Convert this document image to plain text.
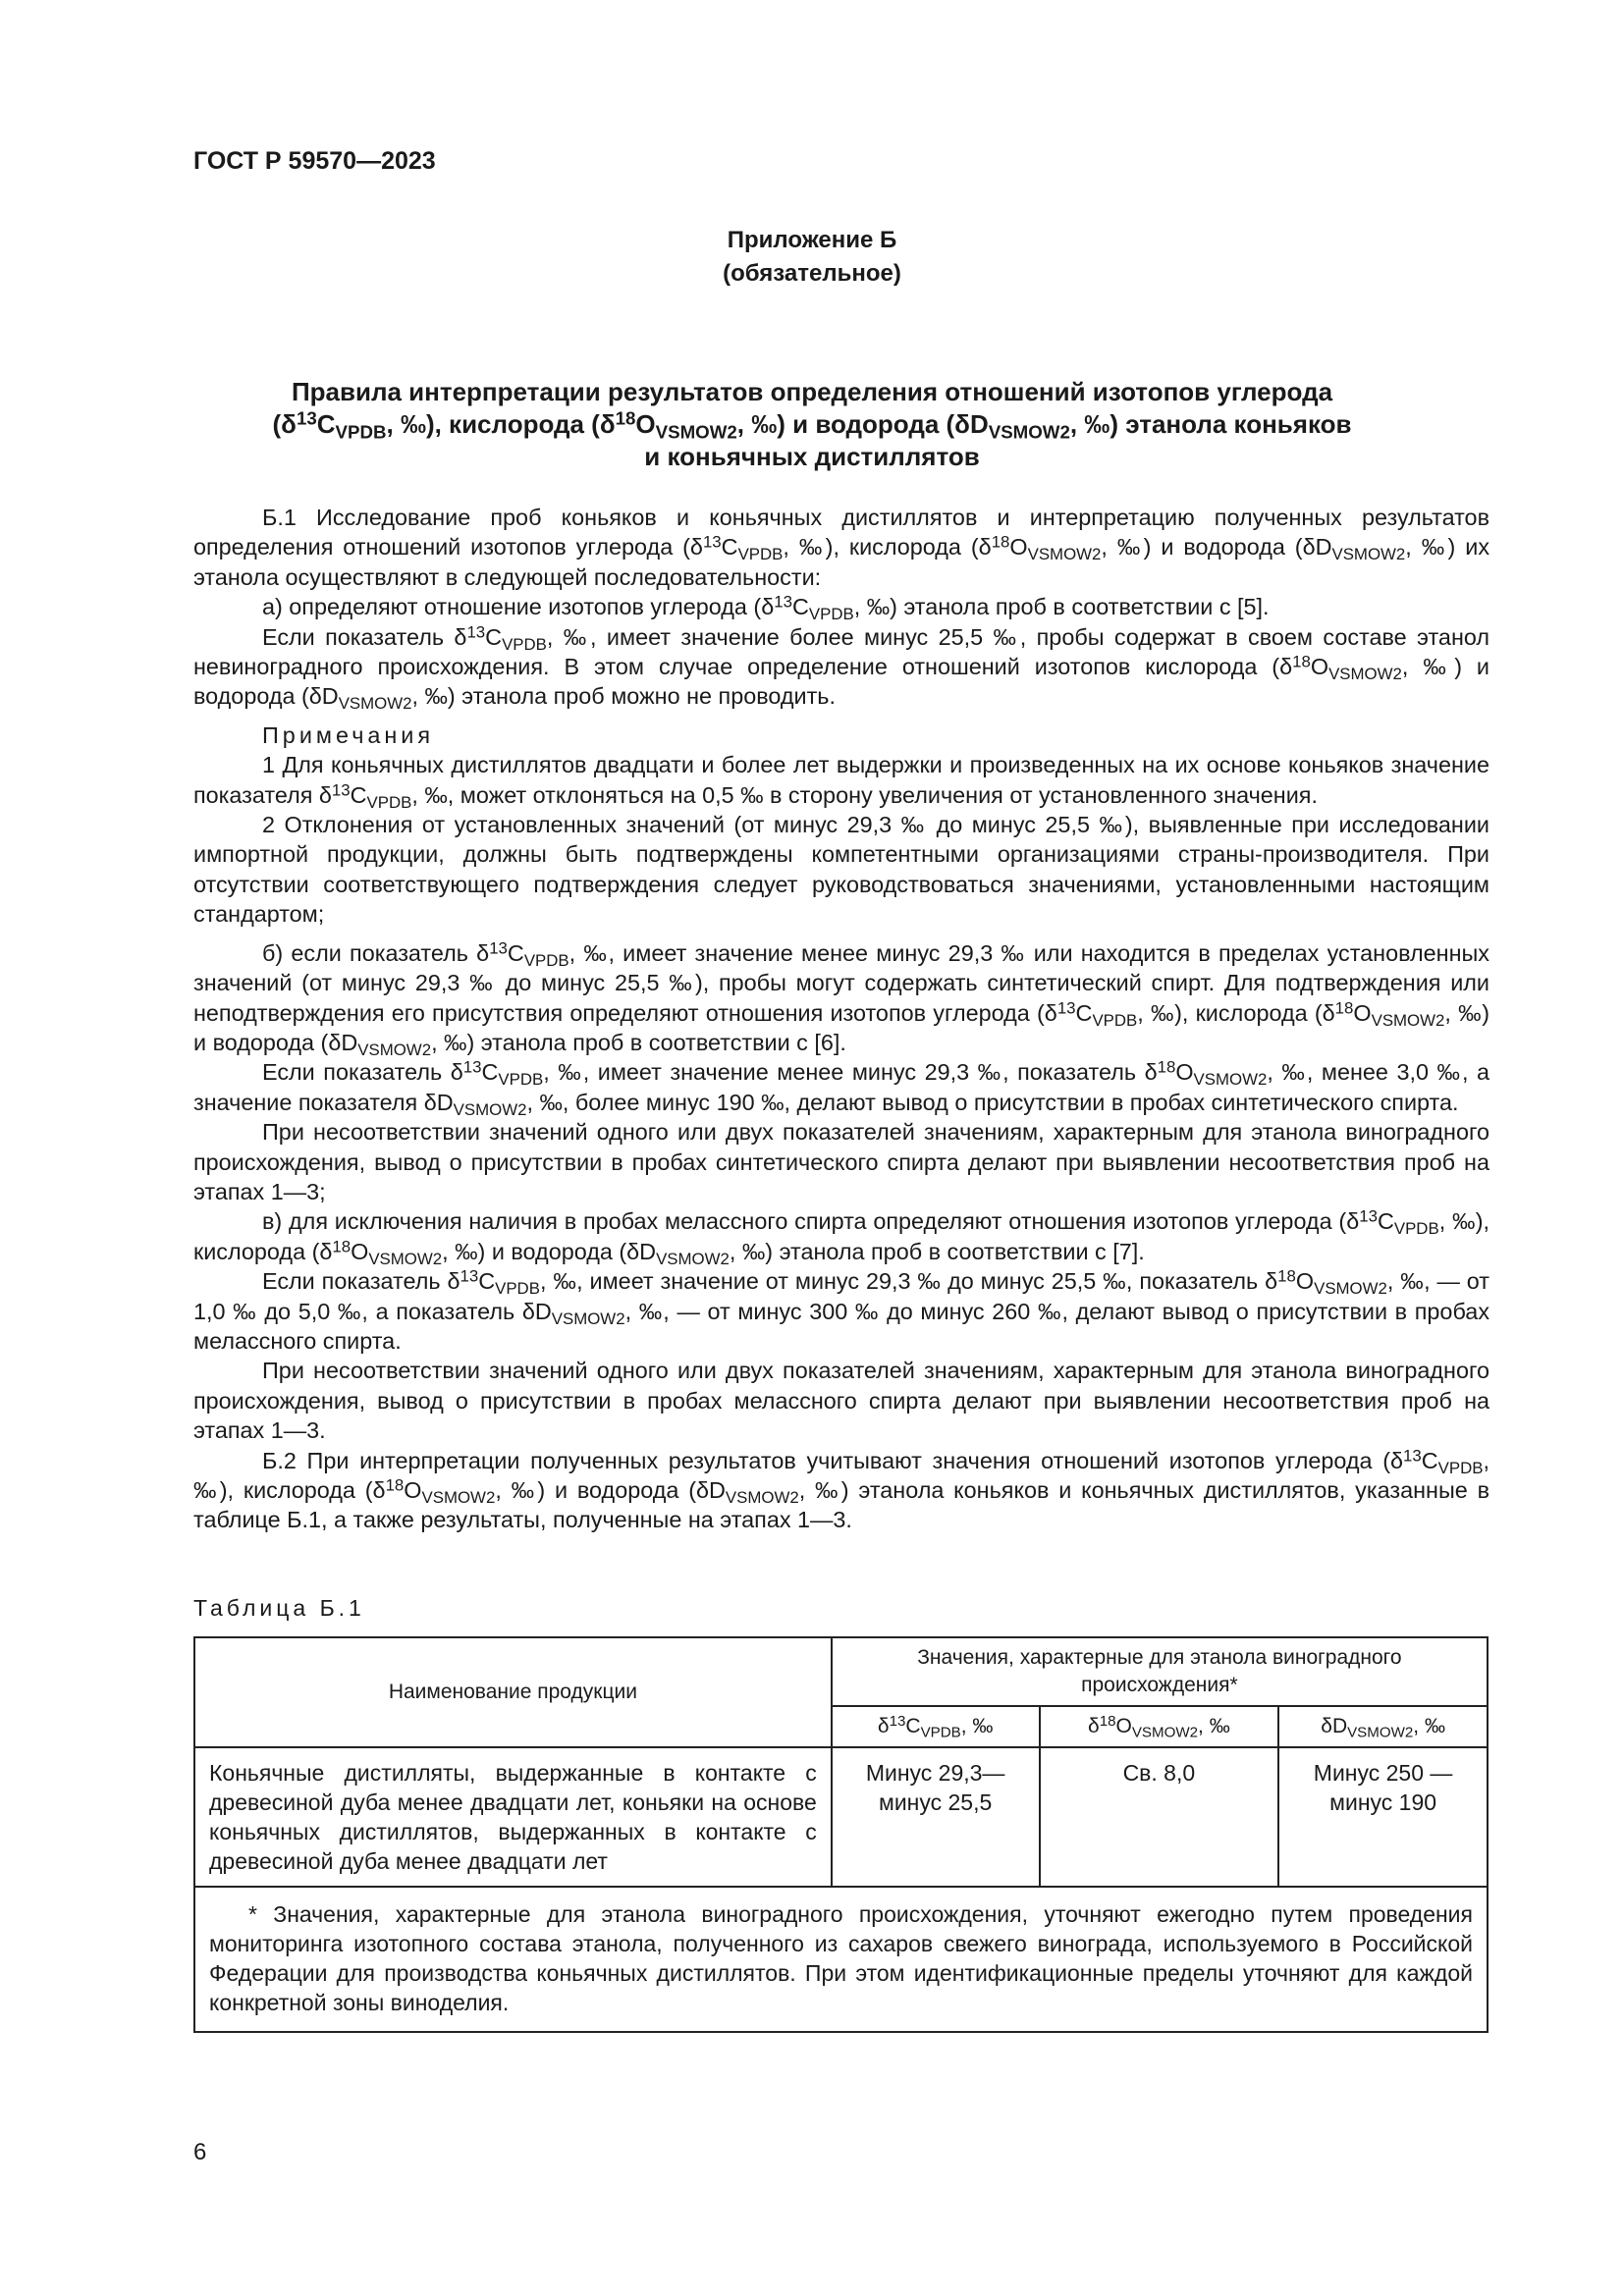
ГОСТ Р 59570—2023
Приложение Б
(обязательное)
Правила интерпретации результатов определения отношений изотопов углерода
($\delta^{13}C_{VPDB}$, ‰), кислорода ($\delta^{18}O_{VSMOW2}$, ‰) и водорода ($\delta D_{VSMOW2}$, ‰) этанола коньяков
и коньячных дистиллятов

Б.1 Исследование проб коньяков и коньячных дистиллятов и интерпретацию полученных результатов определения отношений изотопов углерода ($\delta^{13}C_{VPDB}$, ‰), кислорода ($\delta^{18}O_{VSMOW2}$, ‰) и водорода ($\delta D_{VSMOW2}$, ‰) их этанола осуществляют в следующей последовательности:

а) определяют отношение изотопов углерода ($\delta^{13}C_{VPDB}$, ‰) этанола проб в соответствии с [5].

Если показатель $\delta^{13}C_{VPDB}$, ‰, имеет значение более минус 25,5 ‰, пробы содержат в своем составе этанол невиноградного происхождения. В этом случае определение отношений изотопов кислорода ($\delta^{18}O_{VSMOW2}$, ‰) и водорода ($\delta D_{VSMOW2}$, ‰) этанола проб можно не проводить.

Примечания

1 Для коньячных дистиллятов двадцати и более лет выдержки и произведенных на их основе коньяков значение показателя $\delta^{13}C_{VPDB}$, ‰, может отклоняться на 0,5 ‰ в сторону увеличения от установленного значения.

2 Отклонения от установленных значений (от минус 29,3 ‰ до минус 25,5 ‰), выявленные при исследовании импортной продукции, должны быть подтверждены компетентными организациями страны-производителя. При отсутствии соответствующего подтверждения следует руководствоваться значениями, установленными настоящим стандартом;

б) если показатель $\delta^{13}C_{VPDB}$, ‰, имеет значение менее минус 29,3 ‰ или находится в пределах установленных значений (от минус 29,3 ‰ до минус 25,5 ‰), пробы могут содержать синтетический спирт. Для подтверждения или неподтверждения его присутствия определяют отношения изотопов углерода ($\delta^{13}C_{VPDB}$, ‰), кислорода ($\delta^{18}O_{VSMOW2}$, ‰) и водорода ($\delta D_{VSMOW2}$, ‰) этанола проб в соответствии с [6].

Если показатель $\delta^{13}C_{VPDB}$, ‰, имеет значение менее минус 29,3 ‰, показатель $\delta^{18}O_{VSMOW2}$, ‰, менее 3,0 ‰, а значение показателя $\delta D_{VSMOW2}$, ‰, более минус 190 ‰, делают вывод о присутствии в пробах синтетического спирта.

При несоответствии значений одного или двух показателей значениям, характерным для этанола виноградного происхождения, вывод о присутствии в пробах синтетического спирта делают при выявлении несоответствия проб на этапах 1—3;

в) для исключения наличия в пробах мелассного спирта определяют отношения изотопов углерода ($\delta^{13}C_{VPDB}$, ‰), кислорода ($\delta^{18}O_{VSMOW2}$, ‰) и водорода ($\delta D_{VSMOW2}$, ‰) этанола проб в соответствии с [7].

Если показатель $\delta^{13}C_{VPDB}$, ‰, имеет значение от минус 29,3 ‰ до минус 25,5 ‰, показатель $\delta^{18}O_{VSMOW2}$, ‰, — от 1,0 ‰ до 5,0 ‰, а показатель $\delta D_{VSMOW2}$, ‰, — от минус 300 ‰ до минус 260 ‰, делают вывод о присутствии в пробах мелассного спирта.

При несоответствии значений одного или двух показателей значениям, характерным для этанола виноградного происхождения, вывод о присутствии в пробах мелассного спирта делают при выявлении несоответствия проб на этапах 1—3.

Б.2 При интерпретации полученных результатов учитывают значения отношений изотопов углерода ($\delta^{13}C_{VPDB}$, ‰), кислорода ($\delta^{18}O_{VSMOW2}$, ‰) и водорода ($\delta D_{VSMOW2}$, ‰) этанола коньяков и коньячных дистиллятов, указанные в таблице Б.1, а также результаты, полученные на этапах 1—3.

Таблица Б.1
Наименование продукции	Значения, характерные для этанола виноградного происхождения*		
	$\delta^{13}C_{VPDB}$, ‰	$\delta^{18}O_{VSMOW2}$, ‰	$\delta D_{VSMOW2}$, ‰
Коньячные дистилляты, выдержанные в контакте с древесиной дуба менее двадцати лет, коньяки на основе коньячных дистиллятов, выдержанных в контакте с древесиной дуба менее двадцати лет	Минус 29,3— минус 25,5	Св. 8,0	Минус 250 — минус 190
* Значения, характерные для этанола виноградного происхождения, уточняют ежегодно путем проведения мониторинга изотопного состава этанола, полученного из сахаров свежего винограда, используемого в Российской Федерации для производства коньячных дистиллятов. При этом идентификационные пределы уточняют для каждой конкретной зоны виноделия.			
6
